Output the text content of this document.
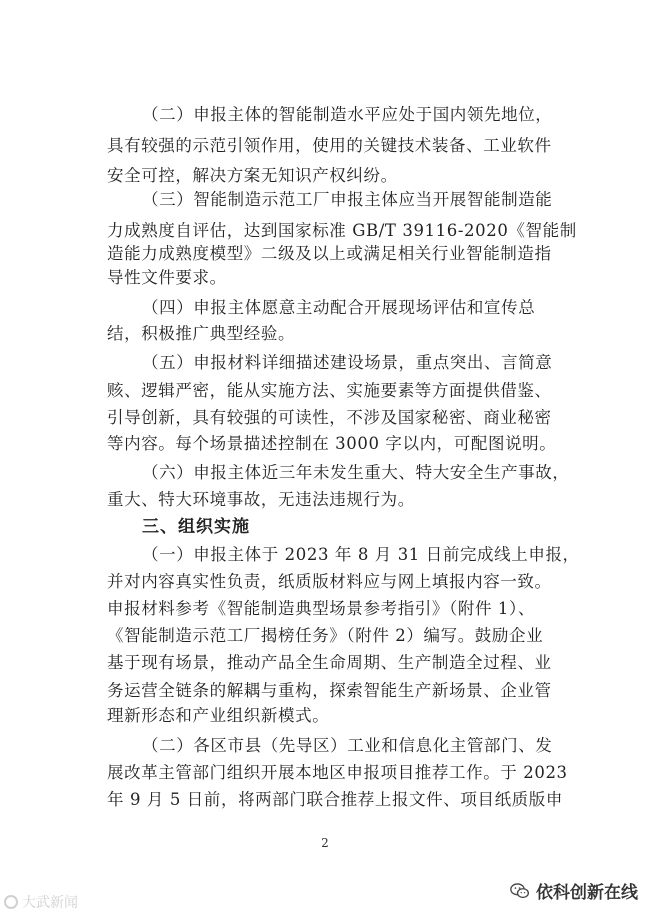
（二）申报主体的智能制造水平应处于国内领先地位，
具有较强的示范引领作用，使用的关键技术装备、工业软件
安全可控，解决方案无知识产权纠纷。
（三）智能制造示范工厂申报主体应当开展智能制造能
力成熟度自评估，达到国家标准 GB/T 39116-2020《智能制
造能力成熟度模型》二级及以上或满足相关行业智能制造指
导性文件要求。
（四）申报主体愿意主动配合开展现场评估和宣传总
结，积极推广典型经验。
（五）申报材料详细描述建设场景，重点突出、言简意
赅、逻辑严密，能从实施方法、实施要素等方面提供借鉴、
引导创新，具有较强的可读性，不涉及国家秘密、商业秘密
等内容。每个场景描述控制在 3000 字以内，可配图说明。
（六）申报主体近三年未发生重大、特大安全生产事故，
重大、特大环境事故，无违法违规行为。
三、组织实施
（一）申报主体于 2023 年 8 月 31 日前完成线上申报，
并对内容真实性负责，纸质版材料应与网上填报内容一致。
申报材料参考《智能制造典型场景参考指引》（附件 1）、
《智能制造示范工厂揭榜任务》（附件 2）编写。鼓励企业
基于现有场景，推动产品全生命周期、生产制造全过程、业
务运营全链条的解耦与重构，探索智能生产新场景、企业管
理新形态和产业组织新模式。
（二）各区市县（先导区）工业和信息化主管部门、发
展改革主管部门组织开展本地区申报项目推荐工作。于 2023
年 9 月 5 日前，将两部门联合推荐上报文件、项目纸质版申
2
大武新闻	依科创新在线
